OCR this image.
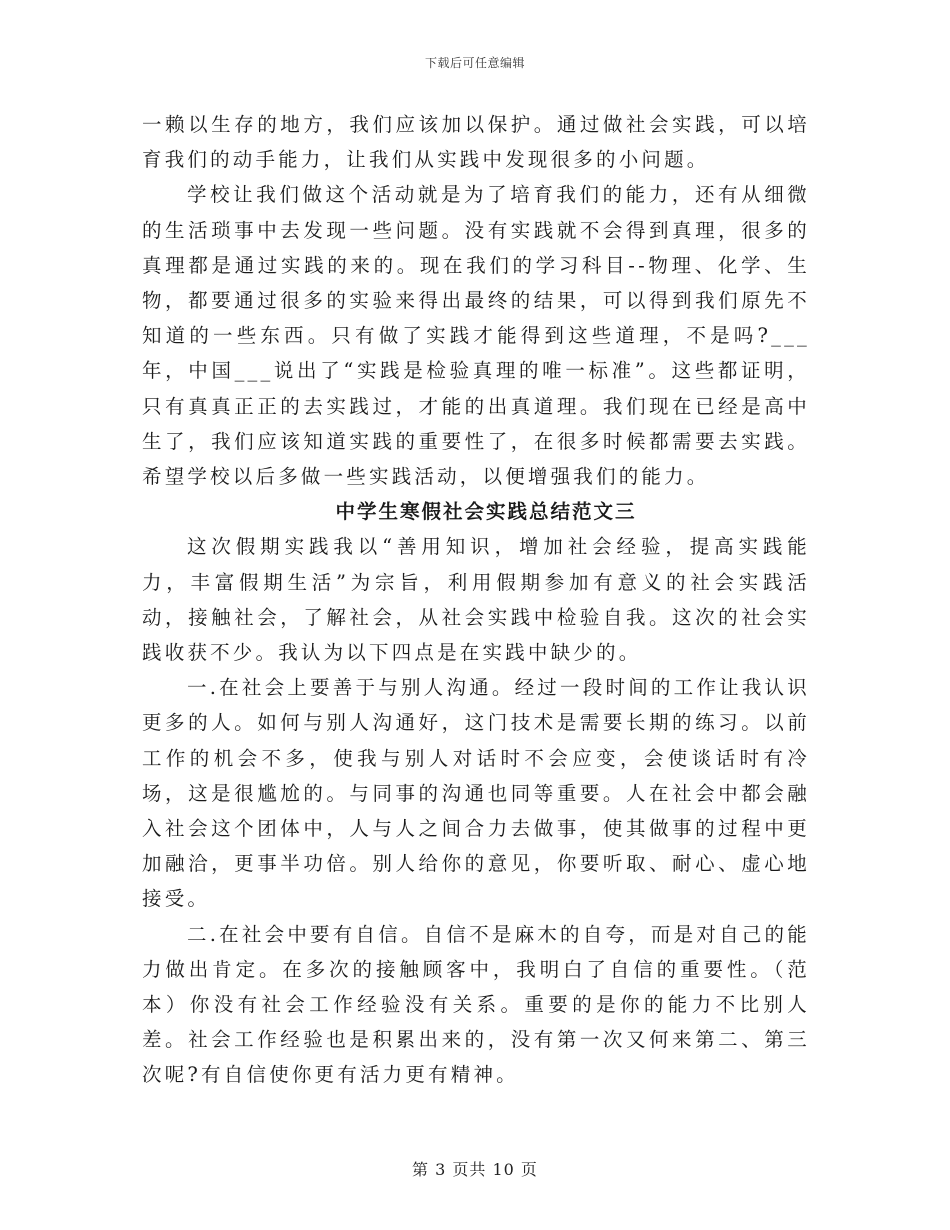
下载后可任意编辑

一赖以生存的地方，我们应该加以保护。通过做社会实践，可以培育我们的动手能力，让我们从实践中发现很多的小问题。

学校让我们做这个活动就是为了培育我们的能力，还有从细微的生活琐事中去发现一些问题。没有实践就不会得到真理，很多的真理都是通过实践的来的。现在我们的学习科目--物理、化学、生物，都要通过很多的实验来得出最终的结果，可以得到我们原先不知道的一些东西。只有做了实践才能得到这些道理，不是吗?___年，中国___说出了“实践是检验真理的唯一标准”。这些都证明，只有真真正正的去实践过，才能的出真道理。我们现在已经是高中生了，我们应该知道实践的重要性了，在很多时候都需要去实践。希望学校以后多做一些实践活动，以便增强我们的能力。

中学生寒假社会实践总结范文三

这次假期实践我以“善用知识，增加社会经验，提高实践能力，丰富假期生活”为宗旨，利用假期参加有意义的社会实践活动，接触社会，了解社会，从社会实践中检验自我。这次的社会实践收获不少。我认为以下四点是在实践中缺少的。

一.在社会上要善于与别人沟通。经过一段时间的工作让我认识更多的人。如何与别人沟通好，这门技术是需要长期的练习。以前工作的机会不多，使我与别人对话时不会应变，会使谈话时有冷场，这是很尴尬的。与同事的沟通也同等重要。人在社会中都会融入社会这个团体中，人与人之间合力去做事，使其做事的过程中更加融洽，更事半功倍。别人给你的意见，你要听取、耐心、虚心地接受。

二.在社会中要有自信。自信不是麻木的自夸，而是对自己的能力做出肯定。在多次的接触顾客中，我明白了自信的重要性。（范本）你没有社会工作经验没有关系。重要的是你的能力不比别人差。社会工作经验也是积累出来的，没有第一次又何来第二、第三次呢?有自信使你更有活力更有精神。

第 3 页共 10 页
